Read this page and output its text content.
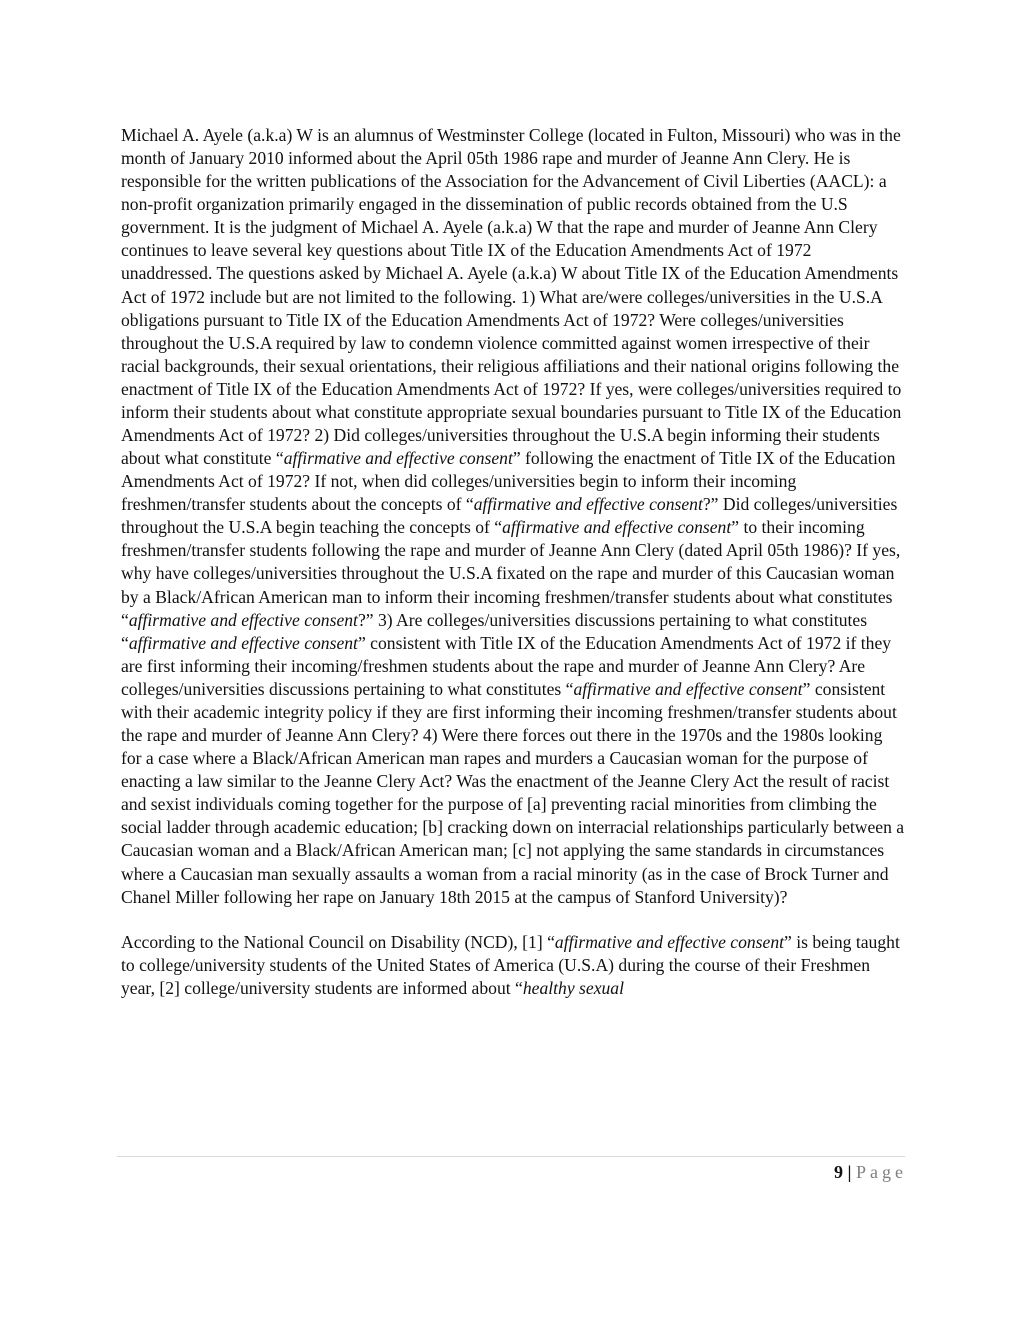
Michael A. Ayele (a.k.a) W is an alumnus of Westminster College (located in Fulton, Missouri) who was in the month of January 2010 informed about the April 05th 1986 rape and murder of Jeanne Ann Clery. He is responsible for the written publications of the Association for the Advancement of Civil Liberties (AACL): a non-profit organization primarily engaged in the dissemination of public records obtained from the U.S government. It is the judgment of Michael A. Ayele (a.k.a) W that the rape and murder of Jeanne Ann Clery continues to leave several key questions about Title IX of the Education Amendments Act of 1972 unaddressed. The questions asked by Michael A. Ayele (a.k.a) W about Title IX of the Education Amendments Act of 1972 include but are not limited to the following. 1) What are/were colleges/universities in the U.S.A obligations pursuant to Title IX of the Education Amendments Act of 1972? Were colleges/universities throughout the U.S.A required by law to condemn violence committed against women irrespective of their racial backgrounds, their sexual orientations, their religious affiliations and their national origins following the enactment of Title IX of the Education Amendments Act of 1972? If yes, were colleges/universities required to inform their students about what constitute appropriate sexual boundaries pursuant to Title IX of the Education Amendments Act of 1972? 2) Did colleges/universities throughout the U.S.A begin informing their students about what constitute “affirmative and effective consent” following the enactment of Title IX of the Education Amendments Act of 1972? If not, when did colleges/universities begin to inform their incoming freshmen/transfer students about the concepts of “affirmative and effective consent?” Did colleges/universities throughout the U.S.A begin teaching the concepts of “affirmative and effective consent” to their incoming freshmen/transfer students following the rape and murder of Jeanne Ann Clery (dated April 05th 1986)? If yes, why have colleges/universities throughout the U.S.A fixated on the rape and murder of this Caucasian woman by a Black/African American man to inform their incoming freshmen/transfer students about what constitutes “affirmative and effective consent?” 3) Are colleges/universities discussions pertaining to what constitutes “affirmative and effective consent” consistent with Title IX of the Education Amendments Act of 1972 if they are first informing their incoming/freshmen students about the rape and murder of Jeanne Ann Clery? Are colleges/universities discussions pertaining to what constitutes “affirmative and effective consent” consistent with their academic integrity policy if they are first informing their incoming freshmen/transfer students about the rape and murder of Jeanne Ann Clery? 4) Were there forces out there in the 1970s and the 1980s looking for a case where a Black/African American man rapes and murders a Caucasian woman for the purpose of enacting a law similar to the Jeanne Clery Act? Was the enactment of the Jeanne Clery Act the result of racist and sexist individuals coming together for the purpose of [a] preventing racial minorities from climbing the social ladder through academic education; [b] cracking down on interracial relationships particularly between a Caucasian woman and a Black/African American man; [c] not applying the same standards in circumstances where a Caucasian man sexually assaults a woman from a racial minority (as in the case of Brock Turner and Chanel Miller following her rape on January 18th 2015 at the campus of Stanford University)?

According to the National Council on Disability (NCD), [1] “affirmative and effective consent” is being taught to college/university students of the United States of America (U.S.A) during the course of their Freshmen year, [2] college/university students are informed about “healthy sexual

9 | Page
